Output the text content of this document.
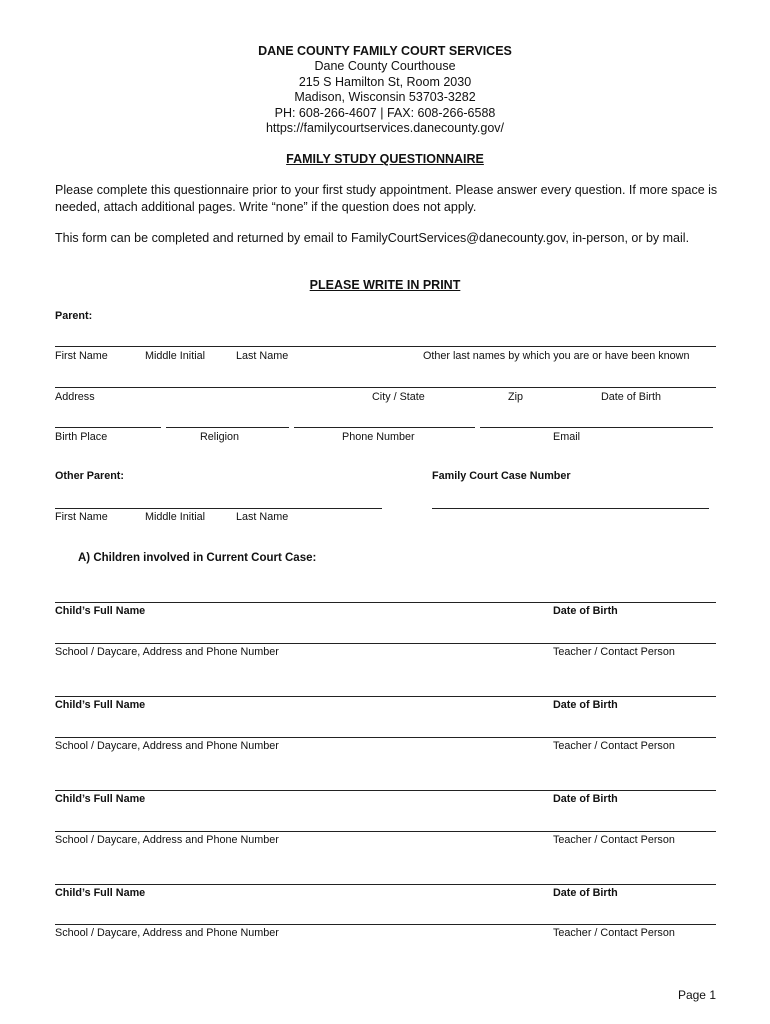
DANE COUNTY FAMILY COURT SERVICES
Dane County Courthouse
215 S Hamilton St, Room 2030
Madison, Wisconsin 53703-3282
PH: 608-266-4607 | FAX: 608-266-6588
https://familycourtservices.danecounty.gov/
FAMILY STUDY QUESTIONNAIRE
Please complete this questionnaire prior to your first study appointment. Please answer every question. If more space is needed, attach additional pages. Write “none” if the question does not apply.
This form can be completed and returned by email to FamilyCourtServices@danecounty.gov, in-person, or by mail.
PLEASE WRITE IN PRINT
Parent:
First Name	Middle Initial	Last Name	Other last names by which you are or have been known
Address	City / State	Zip	Date of Birth
Birth Place	Religion	Phone Number	Email
Other Parent:	Family Court Case Number
First Name	Middle Initial	Last Name
A) Children involved in Current Court Case:
Child’s Full Name	Date of Birth
School / Daycare, Address and Phone Number	Teacher / Contact Person
Child’s Full Name	Date of Birth
School / Daycare, Address and Phone Number	Teacher / Contact Person
Child’s Full Name	Date of Birth
School / Daycare, Address and Phone Number	Teacher / Contact Person
Child’s Full Name	Date of Birth
School / Daycare, Address and Phone Number	Teacher / Contact Person
Page 1
